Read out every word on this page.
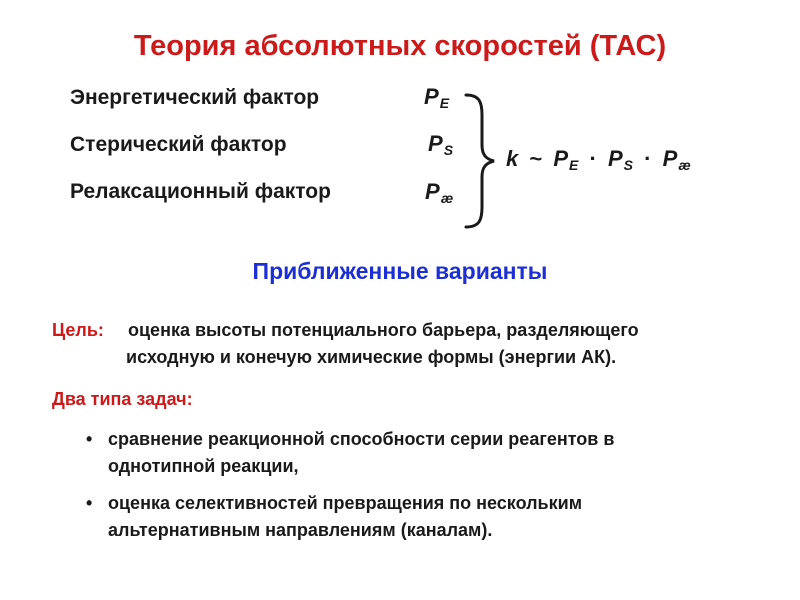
Теория абсолютных скоростей (ТАС)
Энергетический фактор	$P_E$
Стерический фактор	$P_S$
Релаксационный фактор	$P_æ$
k ~ $P_E \cdot P_S \cdot P_æ$
Приближенные варианты
Цель: оценка высоты потенциального барьера, разделяющего
исходную и конечую химические формы (энергии АК).
Два типа задач:
• сравнение реакционной способности серии реагентов в
однотипной реакции,
• оценка селективностей превращения по нескольким
альтернативным направлениям (каналам).
